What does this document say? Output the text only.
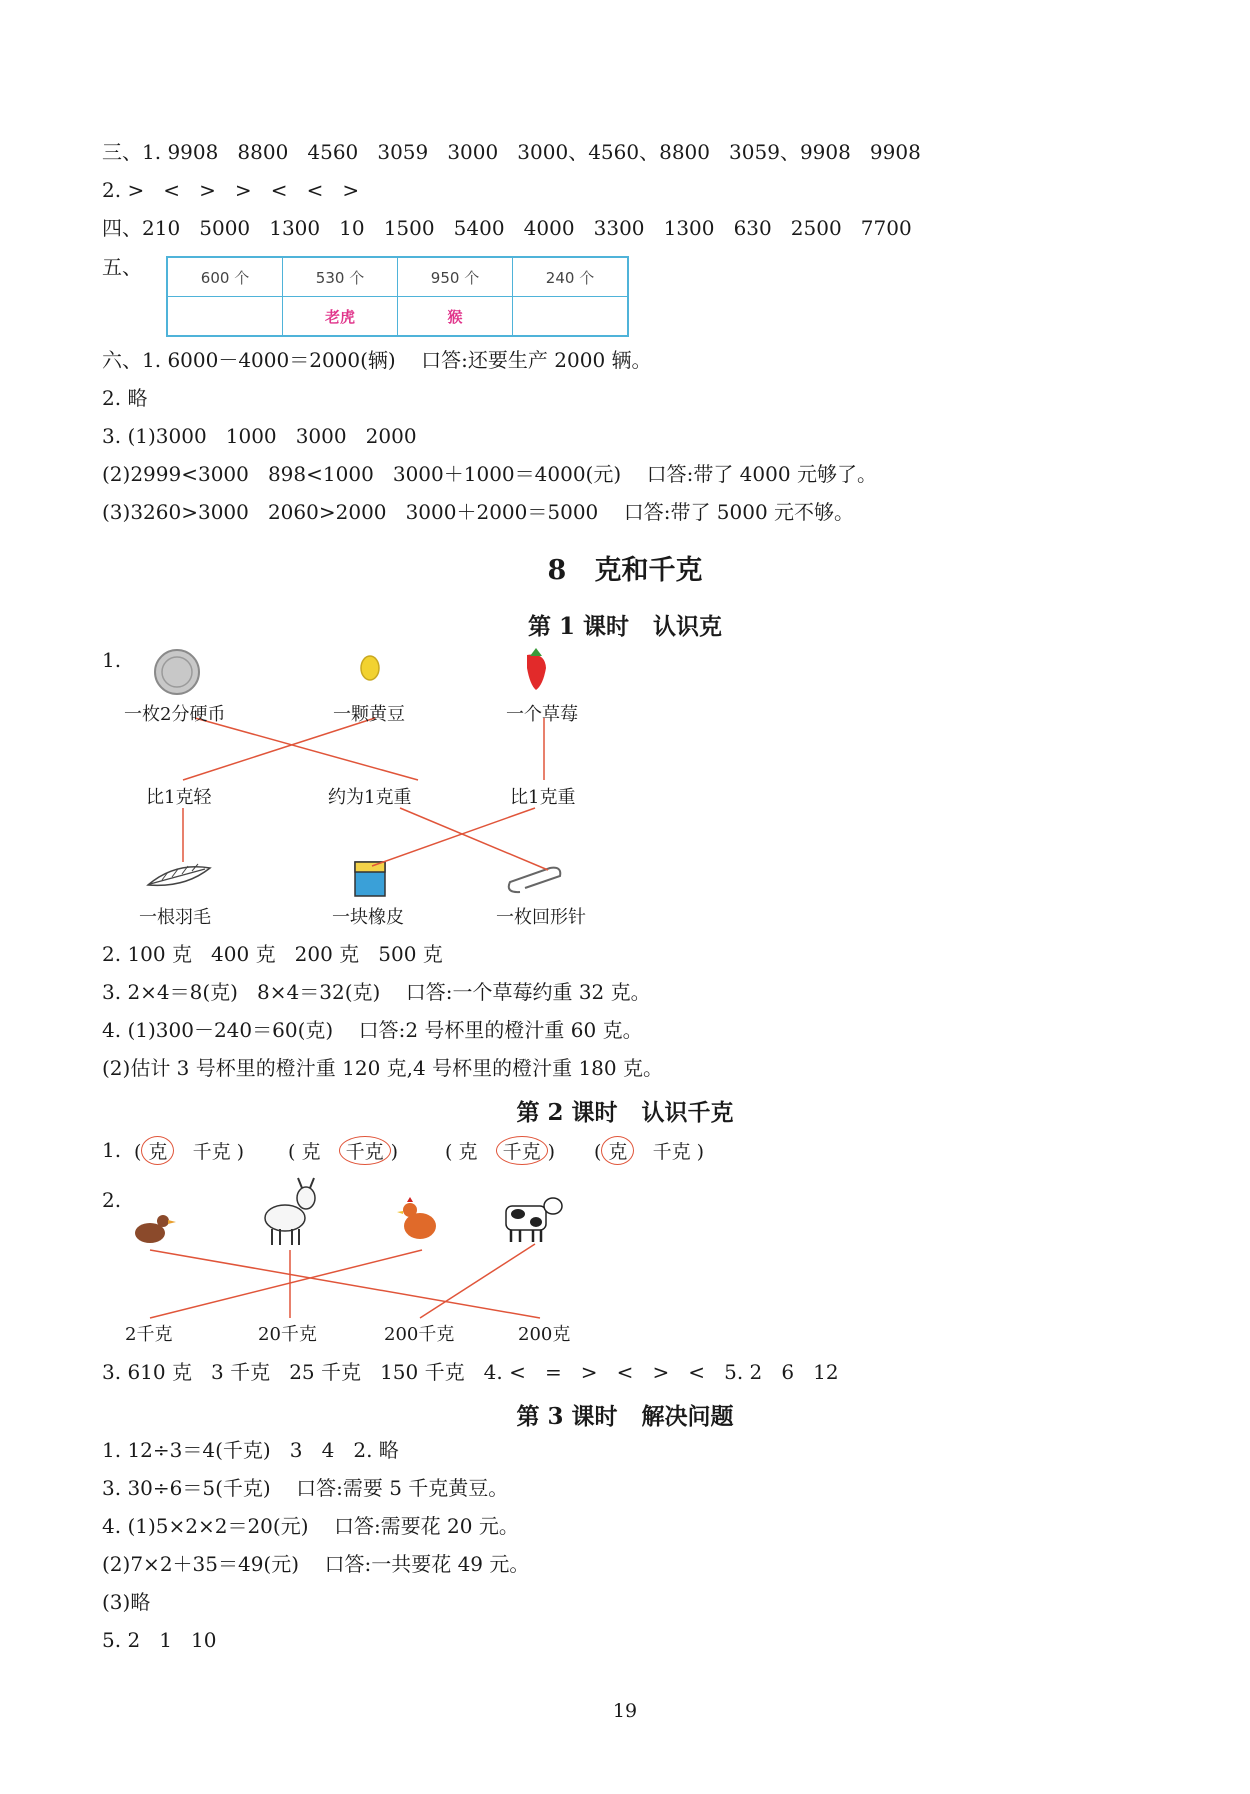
三、1. 9908   8800   4560   3059   3000   3000、4560、8800   3059、9908   9908
2. >   <   >   >   <   <   >
四、210   5000   1300   10   1500   5400   4000   3300   1300   630   2500   7700
五、	600 个	530 个	950 个	240 个
	老虎	猴	
六、1. 6000－4000＝2000(辆)    口答:还要生产 2000 辆。
2. 略
3. (1)3000   1000   3000   2000
(2)2999<3000   898<1000   3000＋1000＝4000(元)    口答:带了 4000 元够了。
(3)3260>3000   2060>2000   3000＋2000＝5000    口答:带了 5000 元不够。
8   克和千克
第 1 课时   认识克
1.
一枚2分硬币	一颗黄豆	一个草莓
比1克轻	约为1克重	比1克重
一根羽毛	一块橡皮	一枚回形针
2. 100 克   400 克   200 克   500 克
3. 2×4＝8(克)   8×4＝32(克)    口答:一个草莓约重 32 克。
4. (1)300－240＝60(克)    口答:2 号杯里的橙汁重 60 克。
(2)估计 3 号杯里的橙汁重 120 克,4 号杯里的橙汁重 180 克。
第 2 课时   认识千克
1. ( 克 千克 ) ( 克 千克 ) ( 克 千克 ) ( 克 千克 )
2.
2千克	20千克	200千克	200克
3. 610 克   3 千克   25 千克   150 千克   4. <   =   >   <   >   <   5. 2   6   12
第 3 课时   解决问题
1. 12÷3＝4(千克)   3   4   2. 略
3. 30÷6＝5(千克)    口答:需要 5 千克黄豆。
4. (1)5×2×2＝20(元)    口答:需要花 20 元。
(2)7×2＋35＝49(元)    口答:一共要花 49 元。
(3)略
5. 2   1   10
19
